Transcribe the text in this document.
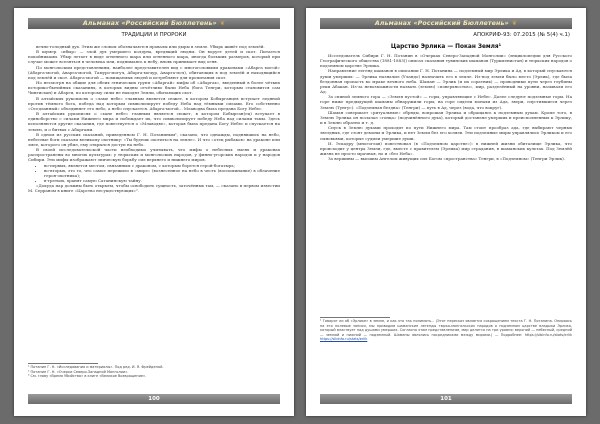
Альманах «Российский Бюллетень» ❦
ТРАДИЦИИ И ПРОРОКИ

вечно-голодный дух. Этим же словом обозначаются провалы или дыры в земле. Убырь живёт под землёй.

В шумер. «ибыр» — злой дух умершего колдуна, вредящий людям. Он ворует детей и скот. Питается покойниками. Убыр летает в виде огненного шара или огненного шара, иногда больших размеров, который при случае может вселяться в человека или, поднимаясь к небу, вновь принимает вид огня.

По монгольским представлениям, наиболее представителен вид с многоголовыми драконами «Абарга могой» (Абарга-могой, Аварга-могой, Тамуро-могуч, Абарга-мочур, Аварга-поч), обитающих в под землёй и находящийся под землёй и скот. Абарга-могой — похищаемых людей и истребляют для пропитания скот.

Но несмотря на общие для обеих этнических групп «Абаргай» мифы об «Абаргах», введенный в более чётких историко-бытийных сказаниях, в которых видны отчётливо были Неба (бога Тенгри, которым становится сам Чингисхан) и Абарги, по которому силы не находят Земли, обитающих скот.

В алтайских рукописях о «ламе небе» главным является сюжет, в котором Бобырганцев вступает ледяной против тёмного бога, победа над которым символизирует победу Неба над тёмными силами. Его собственно «Оседланный» объединяет его небо, а небо спускается. Абарга-могой... Млаводва была предана Богу Небес.

В алтайских рукописях о «хане небе» главным является сюжет, в котором Бобырган(ец) вступает в единоборство с силами Нижнего мира и побеждает их, что символизирует победу Неба над силами тьмы. Здесь исполняются другие сказания, где повествуется о «Млаводве», которая была предана Богу Небес и спускается на землю, и о битвах с Абаргами.

В одном из русских сказаний, приведенном Г. Н. Потаниным¹, сказано, что однажды, поднявшись на небо, небесные боги сказали великому охотнику: «Ты будешь охотиться на земле». И что «отец рыбаков» на драконе или змее, которого он убил, ему открылся доступ на небо.

В своей исследовательской части необходимо учитывать, что мифы о небесных змеях и драконах распространены во многих культурах: у тюркских и монгольских народов, у финно-угорских народов и у народов Сибири. Эти мифы изображают эпическую борьбу сил верхнего и нижнего миров.

• во-первых, является местом, связанным с драконом, с которым борется герой-богатырь;
• во-вторых, это то, что самое пережило в «мире» (вознесенное на небо в честь (воспоминание) в облачение героя-охотника);
• в-третьих, хранят самую Сатанинскую тайну.

«Докуда пар должны быть открыты, чтобы освободить сущность, заточённых там, — сказано в первом известии М. Серраном в книге «Царство несуществующих»².

¹ Потанин Г. Н. «Исследования и материалы». Под ред. И. Я. Фрейденой.

² Потанин Г. Н. «Очерки Северо-Западной Монголии».

³ См. главу «Время Убийства» в книге «Великое Возвращение».

100
Альманах «Российский Бюллетень» ❦
АПОКРИФ-93: 07.2015 (№ 5(4) ч.1)
Царство Эрлика — Покан Земля¹

Исследователь Сибири Г. Н. Потанин в «Очерках Северо-Западной Монголии» (энциклопедии для Русского Географического общества (1881-1883)) описал сказания тувинских шаманов (Туркменистан) и тюркских народов о подземном царстве Эрлика.

Направление легенд шаманов в описании Г. Н. Потанина — подземный мир Эрлика и Ад, в который спускаются души умерших: — Эрлика назначил (Уландо) назначить его в земле. Из-под земли было место (Эрлик), где была бездонная пропасть во мраке вечного неба. Шаман — Эрлик (и их соратник) — проводники пути через глубины реки Абакан. Из-за невозможности назвать (землю) «поверхностью», мир, разделённый на уровни, называли его Ад.

За спиной земного гора — «Земля пустой» — горы, управляющие с Небес. Далее следуют подземные горы. На горе ниже предыдущей шаманы обнаружили горы, на горе сидели монахи из Ада, звери, спустившиеся через Землю (Тунгус). «Подземная бездна» (Тенгри) — путь в Ад, через (вода, что вокруг).

Шаман совершает «ритуальные» обряды, вопрошая Эрлика и обращаясь к подземным духам. Кроме того, в Землю Эрлика он посылал «гонца» (подчинённого духа), который доставлял умерших и преисполненных к Эрлику, и в Землю обратно и т. д.

Спуск в Землю духами проходит по пути Нижнего мира. Там стоит прообраз ада, где выбирают черных звездных, где стоят демоны и Эрлика, и нет Земли без его хозяев. Эти подземные миры управлялись Эрликом и его сыновьями, которые судили умершие души.

И. Эскадру (многоглав) повествовал (в «Подземном царстве»): в нижней жизни обиталище Эрлика, что происходит у центра Земли, где, вместе с правителем (Эрлика) мир страдания, в шаманских культах. Под Землёй жизнь не просто мрачная, но и «без Неба».

За вершины — высшим Ангелом живущих сил Богом «пространства» Тенгри, в «Подземном» (Тенгри Эрлик).

¹ Говорят ли об «Эрлике» в земле, и как это так понимать... (Этот пересказ является сокращением текста Г. Н. Потанина. Опираясь на его полевые записи, мы приводим шаманские легенды тюрко-монгольских народов о подземном царстве владыки Эрлика, который властвует над душами умерших. Согласно этим представлениям, мир делится на три уровня: верхний — небесный, средний — земной и нижний — подземный. Шаманы являлись посредниками между мирами.) — Подробнее: https://sibinfo.ru/stats/erlik https://sibinfo.ru/stats/erlik

101
